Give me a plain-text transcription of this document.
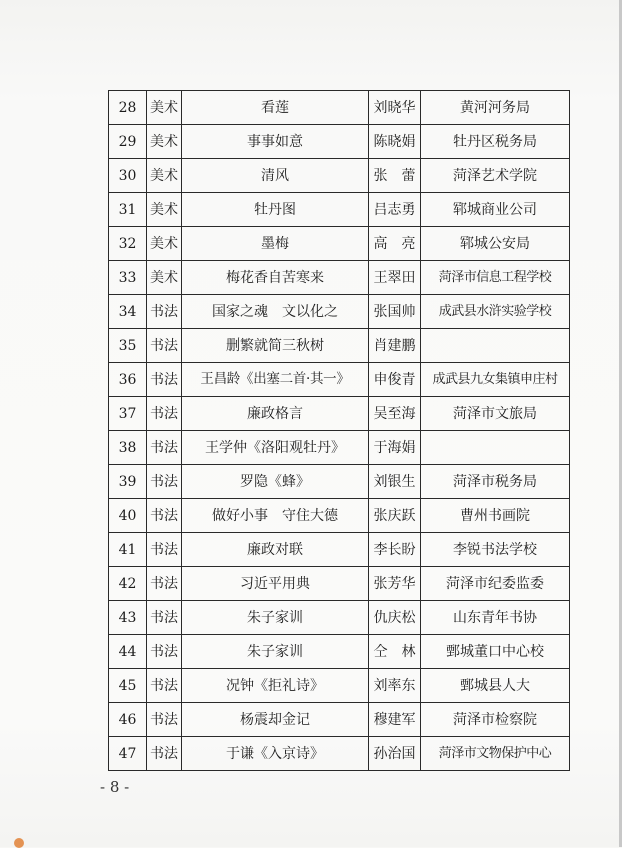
28	美术	看莲	刘晓华	黄河河务局
29	美术	事事如意	陈晓娟	牡丹区税务局
30	美术	清风	张　蕾	菏泽艺术学院
31	美术	牡丹图	吕志勇	郓城商业公司
32	美术	墨梅	高　亮	郓城公安局
33	美术	梅花香自苦寒来	王翠田	菏泽市信息工程学校
34	书法	国家之魂　文以化之	张国帅	成武县水浒实验学校
35	书法	删繁就简三秋树	肖建鹏	
36	书法	王昌龄《出塞二首·其一》	申俊青	成武县九女集镇申庄村
37	书法	廉政格言	吴至海	菏泽市文旅局
38	书法	王学仲《洛阳观牡丹》	于海娟	
39	书法	罗隐《蜂》	刘银生	菏泽市税务局
40	书法	做好小事　守住大德	张庆跃	曹州书画院
41	书法	廉政对联	李长盼	李锐书法学校
42	书法	习近平用典	张芳华	菏泽市纪委监委
43	书法	朱子家训	仇庆松	山东青年书协
44	书法	朱子家训	仝　林	鄄城董口中心校
45	书法	况钟《拒礼诗》	刘率东	鄄城县人大
46	书法	杨震却金记	穆建军	菏泽市检察院
47	书法	于谦《入京诗》	孙治国	菏泽市文物保护中心
- 8 -
